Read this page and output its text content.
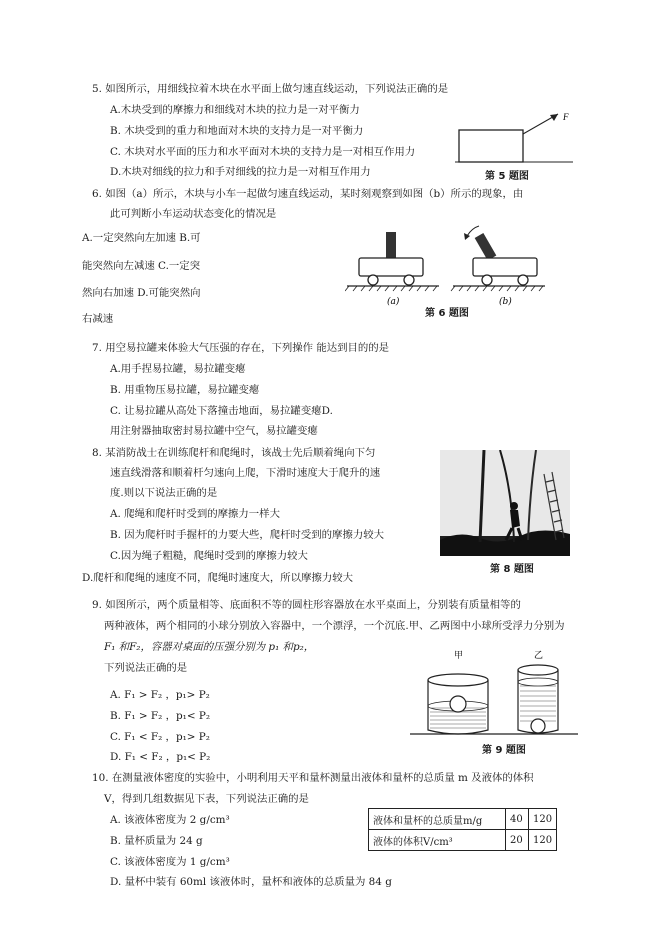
5. 如图所示，用细线拉着木块在水平面上做匀速直线运动，下列说法正确的是
A.木块受到的摩擦力和细线对木块的拉力是一对平衡力
B. 木块受到的重力和地面对木块的支持力是一对平衡力
C. 木块对水平面的压力和水平面对木块的支持力是一对相互作用力
D.木块对细线的拉力和手对细线的拉力是一对相互作用力
F
第 5 题图
6. 如图（a）所示，木块与小车一起做匀速直线运动，某时刻观察到如图（b）所示的现象，由
此可判断小车运动状态变化的情况是
A.一定突然向左加速 B.可
能突然向左减速 C.一定突
然向右加速 D.可能突然向
右减速
(a)	(b)
第 6 题图
7. 用空易拉罐来体验大气压强的存在，下列操作 能达到目的的是
A.用手捏易拉罐，易拉罐变瘪
B. 用重物压易拉罐，易拉罐变瘪
C. 让易拉罐从高处下落撞击地面，易拉罐变瘪D.
用注射器抽取密封易拉罐中空气，易拉罐变瘪
8. 某消防战士在训练爬杆和爬绳时，该战士先后顺着绳向下匀
速直线滑落和顺着杆匀速向上爬，下滑时速度大于爬升的速
度.则以下说法正确的是
A. 爬绳和爬杆时受到的摩擦力一样大
B. 因为爬杆时手握杆的力要大些，爬杆时受到的摩擦力较大
C.因为绳子粗糙，爬绳时受到的摩擦力较大
D.爬杆和爬绳的速度不同，爬绳时速度大，所以摩擦力较大
第 8 题图
9. 如图所示，两个质量相等、底面积不等的圆柱形容器放在水平桌面上，分别装有质量相等的
两种液体，两个相同的小球分别放入容器中，一个漂浮，一个沉底.甲、乙两图中小球所受浮力分别为
F₁ 和F₂，容器对桌面的压强分别为 p₁ 和p₂，
下列说法正确的是
A. F₁ > F₂ ，p₁> P₂
B. F₁ > F₂ ，p₁< P₂
C. F₁ < F₂ ，p₁> P₂
D. F₁ < F₂ ，p₁< P₂
甲	乙
第 9 题图
10. 在测量液体密度的实验中，小明利用天平和量杯测量出液体和量杯的总质量 m 及液体的体积
V，得到几组数据见下表，下列说法正确的是
A. 该液体密度为 2 g/cm³
B. 量杯质量为 24 g
C. 该液体密度为 1 g/cm³
D. 量杯中装有 60ml 该液体时，量杯和液体的总质量为 84 g
液体和量杯的总质量m/g	40	120
液体的体积V/cm³	20	120
